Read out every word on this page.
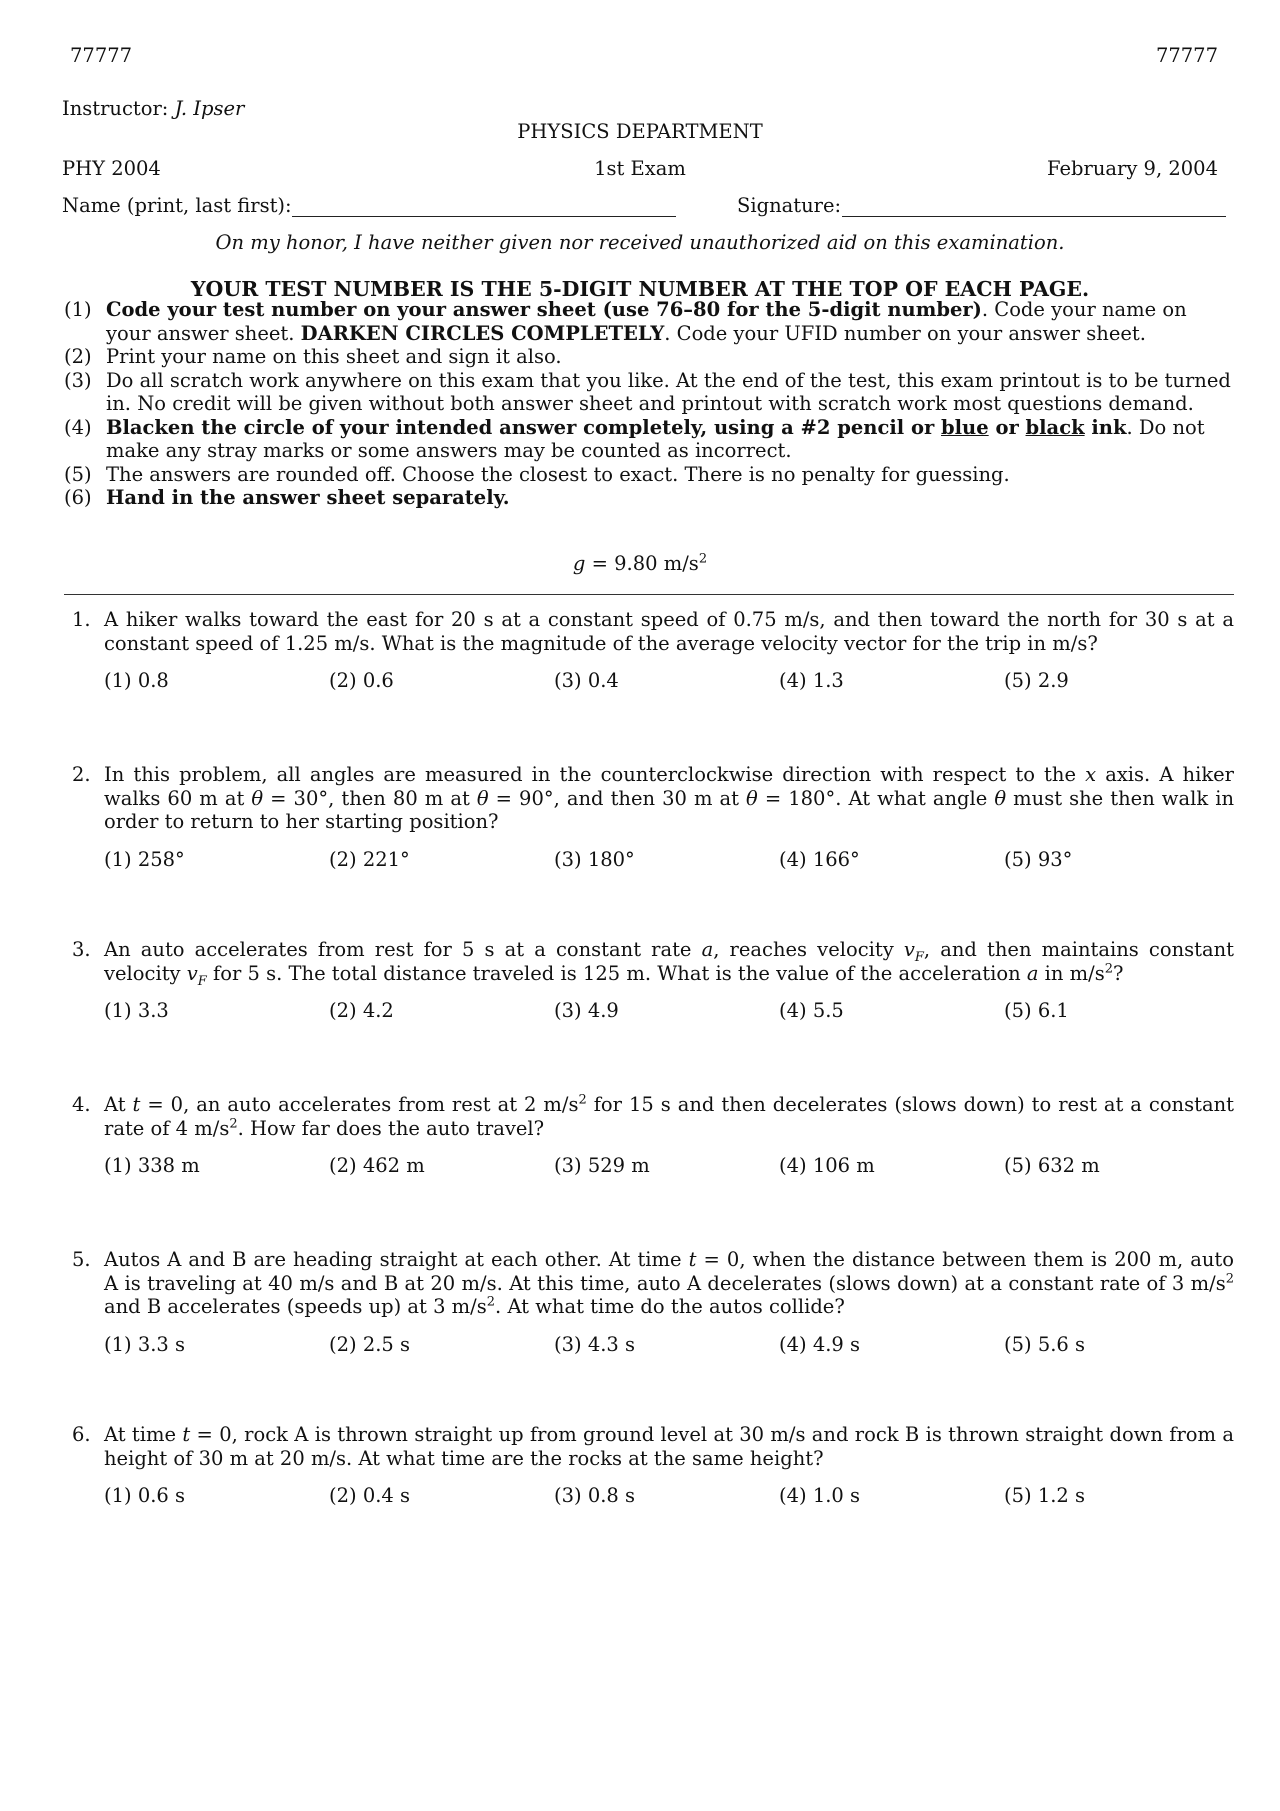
77777	77777
Instructor: J. Ipser
PHYSICS DEPARTMENT
PHY 2004	1st Exam	February 9, 2004
Name (print, last first):	Signature:
On my honor, I have neither given nor received unauthorized aid on this examination.
YOUR TEST NUMBER IS THE 5-DIGIT NUMBER AT THE TOP OF EACH PAGE.
(1) Code your test number on your answer sheet (use 76–80 for the 5-digit number). Code your name on your answer sheet. DARKEN CIRCLES COMPLETELY. Code your UFID number on your answer sheet.
(2) Print your name on this sheet and sign it also.
(3) Do all scratch work anywhere on this exam that you like. At the end of the test, this exam printout is to be turned in. No credit will be given without both answer sheet and printout with scratch work most questions demand.
(4) Blacken the circle of your intended answer completely, using a #2 pencil or blue or black ink. Do not make any stray marks or some answers may be counted as incorrect.
(5) The answers are rounded off. Choose the closest to exact. There is no penalty for guessing.
(6) Hand in the answer sheet separately.
g = 9.80 $m/s^2$
1. A hiker walks toward the east for 20 s at a constant speed of 0.75 m/s, and then toward the north for 30 s at a constant speed of 1.25 m/s. What is the magnitude of the average velocity vector for the trip in m/s?
(1) 0.8	(2) 0.6	(3) 0.4	(4) 1.3	(5) 2.9
2. In this problem, all angles are measured in the counterclockwise direction with respect to the x axis. A hiker walks 60 m at θ = 30°, then 80 m at θ = 90°, and then 30 m at θ = 180°. At what angle θ must she then walk in order to return to her starting position?
(1) 258°	(2) 221°	(3) 180°	(4) 166°	(5) 93°
3. An auto accelerates from rest for 5 s at a constant rate a, reaches velocity $v_F$, and then maintains constant velocity $v_F$ for 5 s. The total distance traveled is 125 m. What is the value of the acceleration a in $m/s^2$?
(1) 3.3	(2) 4.2	(3) 4.9	(4) 5.5	(5) 6.1
4. At t = 0, an auto accelerates from rest at 2 $m/s^2$ for 15 s and then decelerates (slows down) to rest at a constant rate of 4 $m/s^2$. How far does the auto travel?
(1) 338 m	(2) 462 m	(3) 529 m	(4) 106 m	(5) 632 m
5. Autos A and B are heading straight at each other. At time t = 0, when the distance between them is 200 m, auto A is traveling at 40 m/s and B at 20 m/s. At this time, auto A decelerates (slows down) at a constant rate of 3 $m/s^2$ and B accelerates (speeds up) at 3 $m/s^2$. At what time do the autos collide?
(1) 3.3 s	(2) 2.5 s	(3) 4.3 s	(4) 4.9 s	(5) 5.6 s
6. At time t = 0, rock A is thrown straight up from ground level at 30 m/s and rock B is thrown straight down from a height of 30 m at 20 m/s. At what time are the rocks at the same height?
(1) 0.6 s	(2) 0.4 s	(3) 0.8 s	(4) 1.0 s	(5) 1.2 s
